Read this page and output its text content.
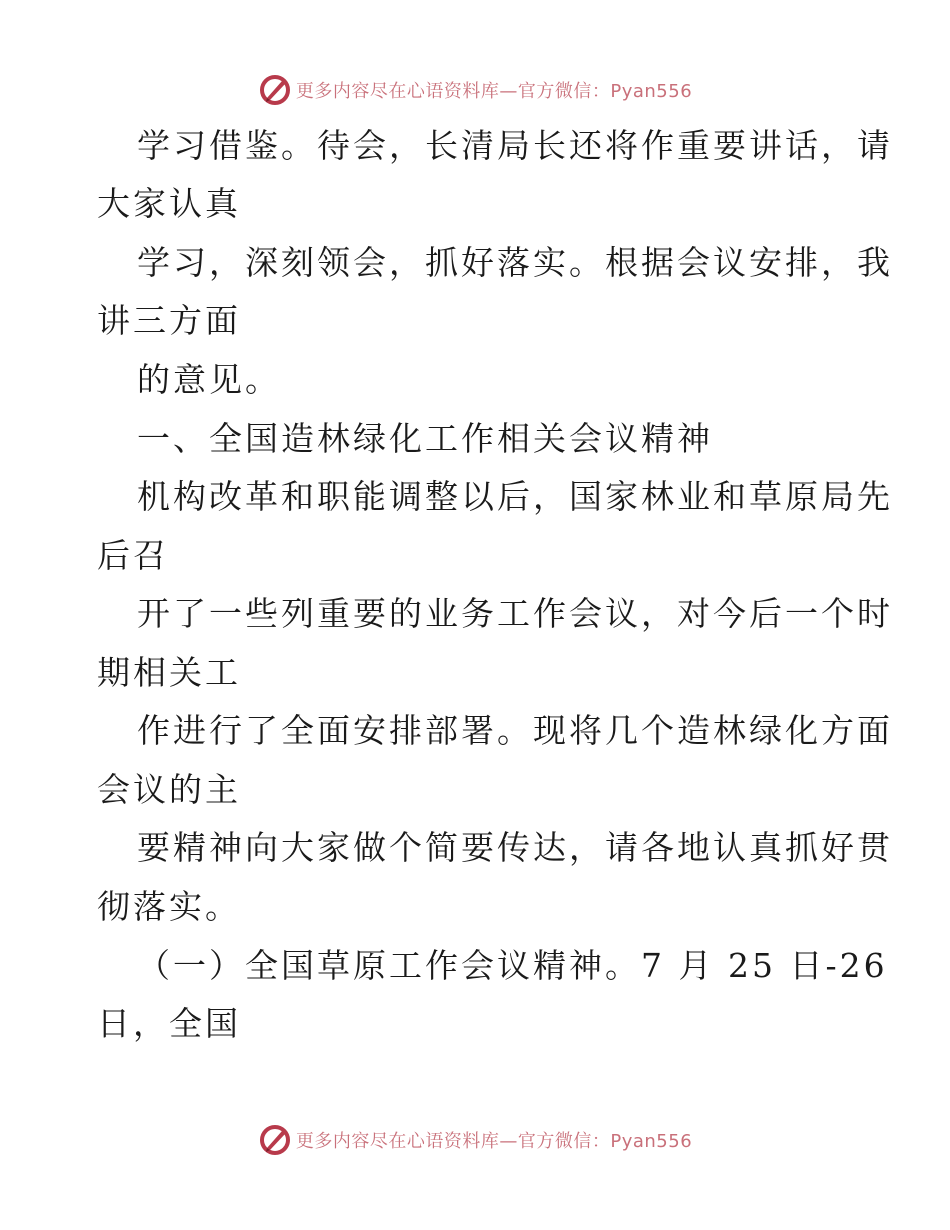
更多内容尽在心语资料库—官方微信：Pyan556
学习借鉴。待会，长清局长还将作重要讲话，请
大家认真
学习，深刻领会，抓好落实。根据会议安排，我
讲三方面
的意见。
一、全国造林绿化工作相关会议精神
机构改革和职能调整以后，国家林业和草原局先
后召
开了一些列重要的业务工作会议，对今后一个时
期相关工
作进行了全面安排部署。现将几个造林绿化方面
会议的主
要精神向大家做个简要传达，请各地认真抓好贯
彻落实。
（一）全国草原工作会议精神。7 月 25 日-26
日，全国
更多内容尽在心语资料库—官方微信：Pyan556
